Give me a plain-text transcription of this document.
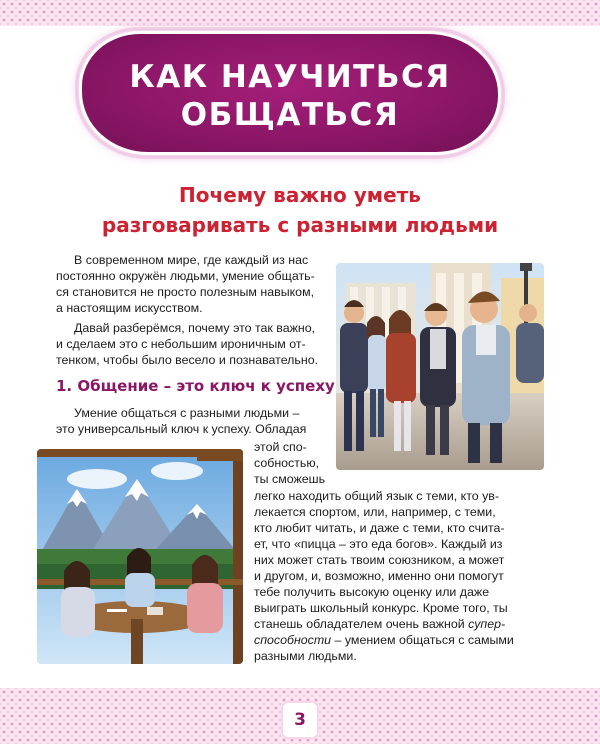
КАК НАУЧИТЬСЯ
ОБЩАТЬСЯ
Почему важно уметь
разговаривать с разными людьми
В современном мире, где каждый из нас
постоянно окружён людьми, умение общать-
ся становится не просто полезным навыком,
а настоящим искусством.
Давай разберёмся, почему это так важно,
и сделаем это с небольшим ироничным от-
тенком, чтобы было весело и познавательно.
1. Общение – это ключ к успеху
Умение общаться с разными людьми –
это универсальный ключ к успеху. Обладая
этой спо-
собностью,
ты сможешь
легко находить общий язык с теми, кто ув-
лекается спортом, или, например, с теми,
кто любит читать, и даже с теми, кто счита-
ет, что «пицца – это еда богов». Каждый из
них может стать твоим союзником, а может
и другом, и, возможно, именно они помогут
тебе получить высокую оценку или даже
выиграть школьный конкурс. Кроме того, ты
станешь обладателем очень важной супер-
способности – умением общаться с самыми
разными людьми.
3
